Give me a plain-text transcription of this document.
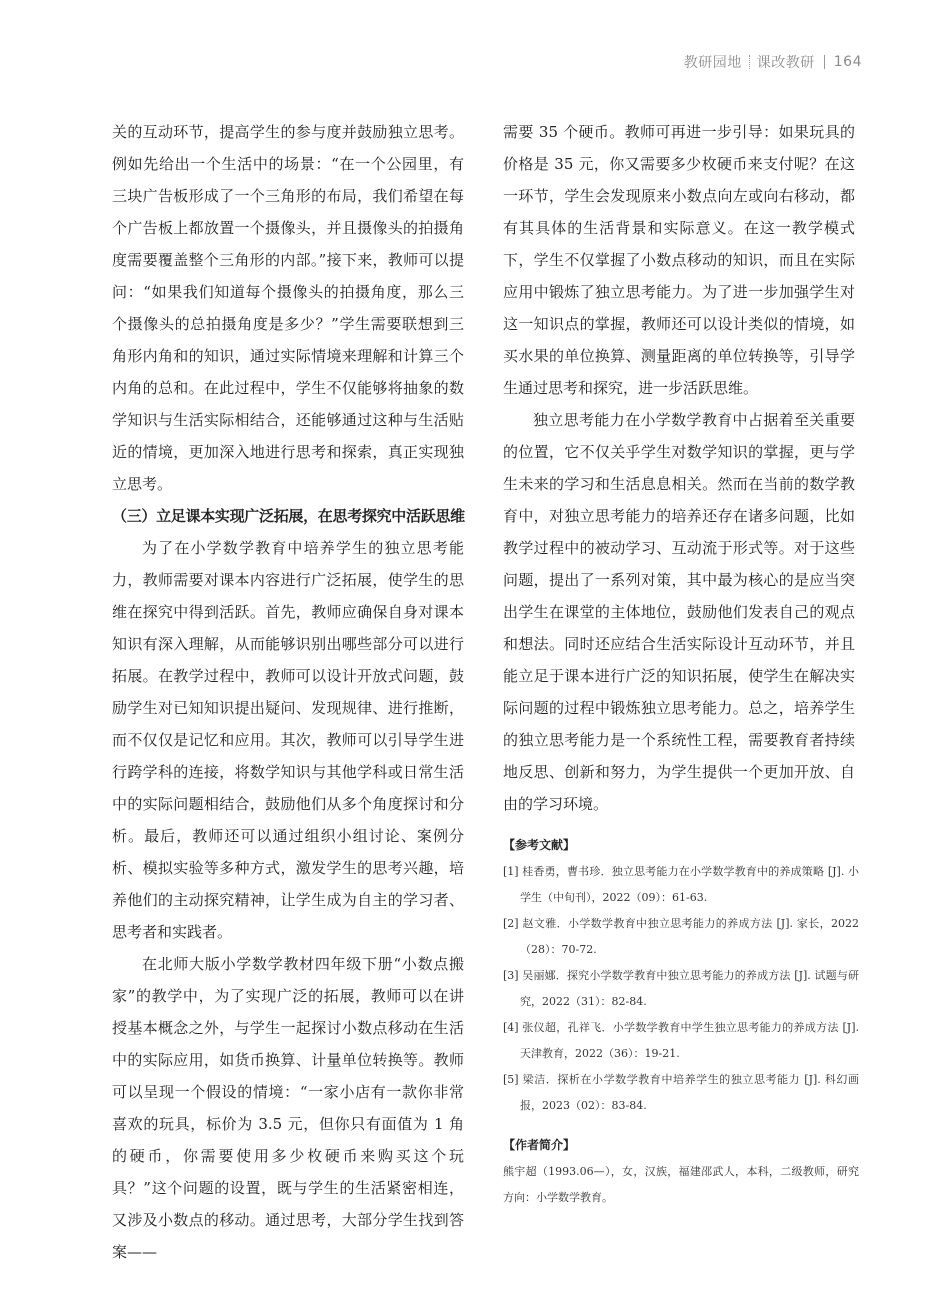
教研园地 课改教研 164

关的互动环节，提高学生的参与度并鼓励独立思考。例如先给出一个生活中的场景：“在一个公园里，有三块广告板形成了一个三角形的布局，我们希望在每个广告板上都放置一个摄像头，并且摄像头的拍摄角度需要覆盖整个三角形的内部。”接下来，教师可以提问：“如果我们知道每个摄像头的拍摄角度，那么三个摄像头的总拍摄角度是多少？”学生需要联想到三角形内角和的知识，通过实际情境来理解和计算三个内角的总和。在此过程中，学生不仅能够将抽象的数学知识与生活实际相结合，还能够通过这种与生活贴近的情境，更加深入地进行思考和探索，真正实现独立思考。

（三）立足课本实现广泛拓展，在思考探究中活跃思维

为了在小学数学教育中培养学生的独立思考能力，教师需要对课本内容进行广泛拓展，使学生的思维在探究中得到活跃。首先，教师应确保自身对课本知识有深入理解，从而能够识别出哪些部分可以进行拓展。在教学过程中，教师可以设计开放式问题，鼓励学生对已知知识提出疑问、发现规律、进行推断，而不仅仅是记忆和应用。其次，教师可以引导学生进行跨学科的连接，将数学知识与其他学科或日常生活中的实际问题相结合，鼓励他们从多个角度探讨和分析。最后，教师还可以通过组织小组讨论、案例分析、模拟实验等多种方式，激发学生的思考兴趣，培养他们的主动探究精神，让学生成为自主的学习者、思考者和实践者。

在北师大版小学数学教材四年级下册“小数点搬家”的教学中，为了实现广泛的拓展，教师可以在讲授基本概念之外，与学生一起探讨小数点移动在生活中的实际应用，如货币换算、计量单位转换等。教师可以呈现一个假设的情境：“一家小店有一款你非常喜欢的玩具，标价为 3.5 元，但你只有面值为 1 角的硬币，你需要使用多少枚硬币来购买这个玩具？”这个问题的设置，既与学生的生活紧密相连，又涉及小数点的移动。通过思考，大部分学生找到答案——

需要 35 个硬币。教师可再进一步引导：如果玩具的价格是 35 元，你又需要多少枚硬币来支付呢？在这一环节，学生会发现原来小数点向左或向右移动，都有其具体的生活背景和实际意义。在这一教学模式下，学生不仅掌握了小数点移动的知识，而且在实际应用中锻炼了独立思考能力。为了进一步加强学生对这一知识点的掌握，教师还可以设计类似的情境，如买水果的单位换算、测量距离的单位转换等，引导学生通过思考和探究，进一步活跃思维。

独立思考能力在小学数学教育中占据着至关重要的位置，它不仅关乎学生对数学知识的掌握，更与学生未来的学习和生活息息相关。然而在当前的数学教育中，对独立思考能力的培养还存在诸多问题，比如教学过程中的被动学习、互动流于形式等。对于这些问题，提出了一系列对策，其中最为核心的是应当突出学生在课堂的主体地位，鼓励他们发表自己的观点和想法。同时还应结合生活实际设计互动环节，并且能立足于课本进行广泛的知识拓展，使学生在解决实际问题的过程中锻炼独立思考能力。总之，培养学生的独立思考能力是一个系统性工程，需要教育者持续地反思、创新和努力，为学生提供一个更加开放、自由的学习环境。

【参考文献】

[1] 桂香勇，曹书珍．独立思考能力在小学数学教育中的养成策略 [J]. 小学生（中旬刊），2022（09）：61-63.

[2] 赵文雅．小学数学教育中独立思考能力的养成方法 [J]. 家长，2022（28）：70-72.

[3] 吴丽娜．探究小学数学教育中独立思考能力的养成方法 [J]. 试题与研究，2022（31）：82-84.

[4] 张仪超，孔祥飞．小学数学教育中学生独立思考能力的养成方法 [J]. 天津教育，2022（36）：19-21.

[5] 梁洁．探析在小学数学教育中培养学生的独立思考能力 [J]. 科幻画报，2023（02）：83-84.

【作者简介】

熊宇超（1993.06—），女，汉族，福建邵武人，本科，二级教师，研究方向：小学数学教育。
